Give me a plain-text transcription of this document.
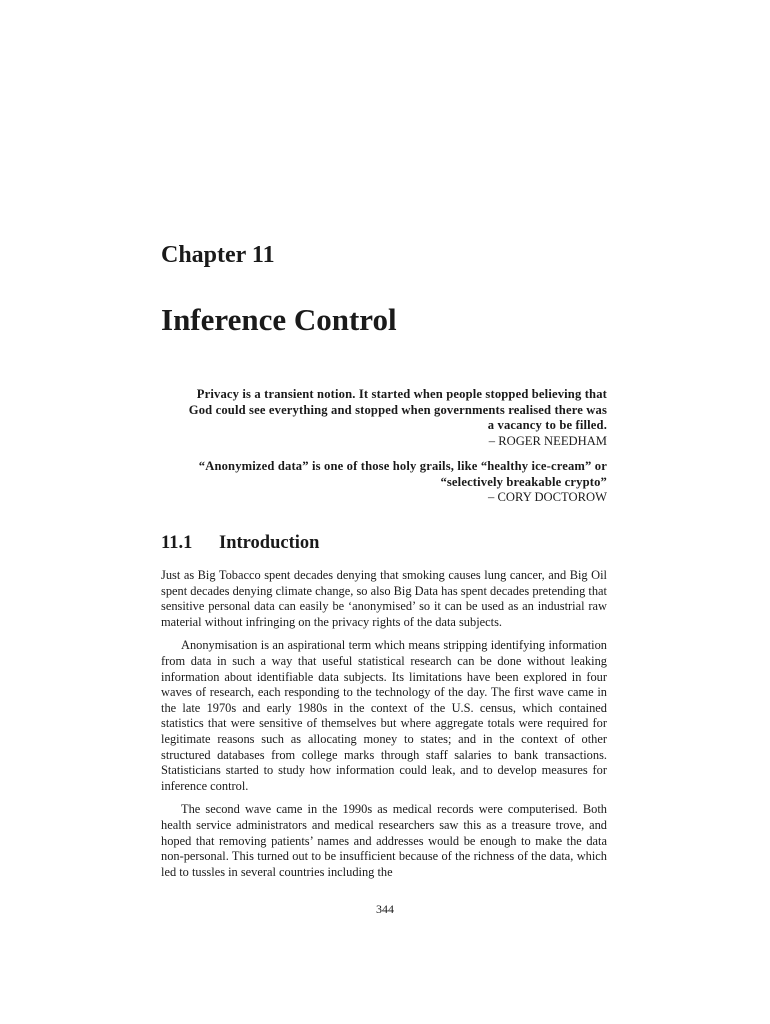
Chapter 11
Inference Control
Privacy is a transient notion. It started when people stopped believing that God could see everything and stopped when governments realised there was a vacancy to be filled.
– ROGER NEEDHAM
“Anonymized data” is one of those holy grails, like “healthy ice-cream” or “selectively breakable crypto”
– CORY DOCTOROW
11.1 Introduction

Just as Big Tobacco spent decades denying that smoking causes lung cancer, and Big Oil spent decades denying climate change, so also Big Data has spent decades pretending that sensitive personal data can easily be ‘anonymised’ so it can be used as an industrial raw material without infringing on the privacy rights of the data subjects.

Anonymisation is an aspirational term which means stripping identifying information from data in such a way that useful statistical research can be done without leaking information about identifiable data subjects. Its limitations have been explored in four waves of research, each responding to the technology of the day. The first wave came in the late 1970s and early 1980s in the context of the U.S. census, which contained statistics that were sensitive of themselves but where aggregate totals were required for legitimate reasons such as allocating money to states; and in the context of other structured databases from college marks through staff salaries to bank transactions. Statisticians started to study how information could leak, and to develop measures for inference control.

The second wave came in the 1990s as medical records were computerised. Both health service administrators and medical researchers saw this as a treasure trove, and hoped that removing patients’ names and addresses would be enough to make the data non-personal. This turned out to be insufficient because of the richness of the data, which led to tussles in several countries including the

344
